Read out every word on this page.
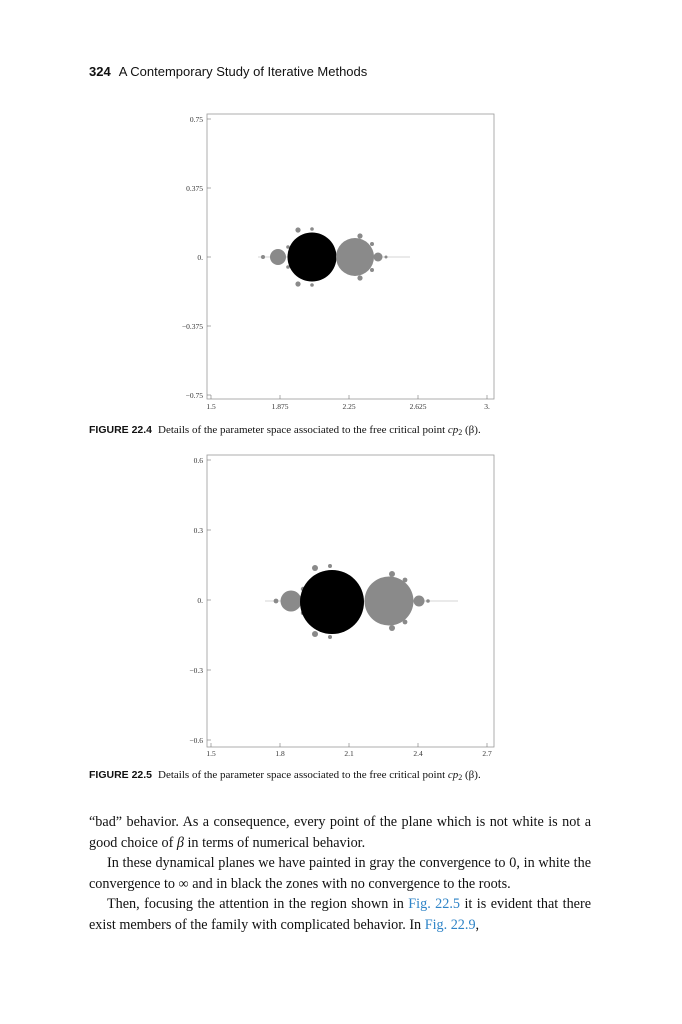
324 A Contemporary Study of Iterative Methods
0.75
0.375
0.
−0.375
−0.75
1.5	1.875	2.25	2.625	3.
FIGURE 22.4 Details of the parameter space associated to the free critical point cp2 (β).
0.6
0.3
0.
−0.3
−0.6
1.5	1.8	2.1	2.4	2.7
FIGURE 22.5 Details of the parameter space associated to the free critical point cp2 (β).

“bad” behavior. As a consequence, every point of the plane which is not white is not a good choice of β in terms of numerical behavior.

In these dynamical planes we have painted in gray the convergence to 0, in white the convergence to ∞ and in black the zones with no convergence to the roots.

Then, focusing the attention in the region shown in Fig. 22.5 it is evident that there exist members of the family with complicated behavior. In Fig. 22.9,
